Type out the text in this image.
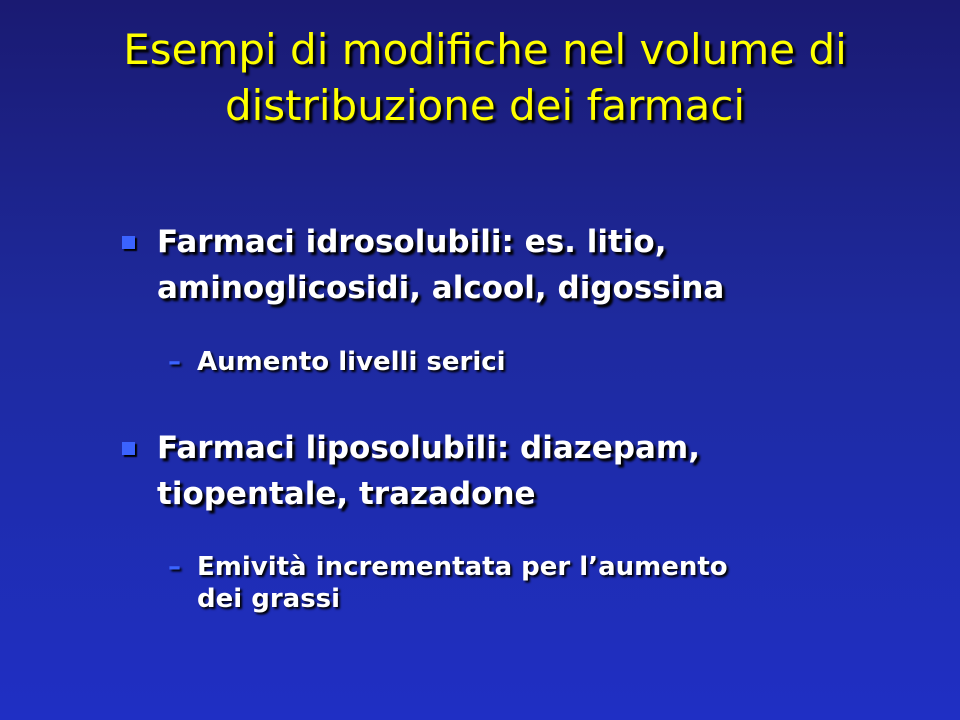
Esempi di modifiche nel volume di
distribuzione dei farmaci
Farmaci idrosolubili: es. litio,
aminoglicosidi, alcool, digossina
– Aumento livelli serici
Farmaci liposolubili: diazepam,
tiopentale, trazadone
– Emività incrementata per l’aumento
dei grassi
